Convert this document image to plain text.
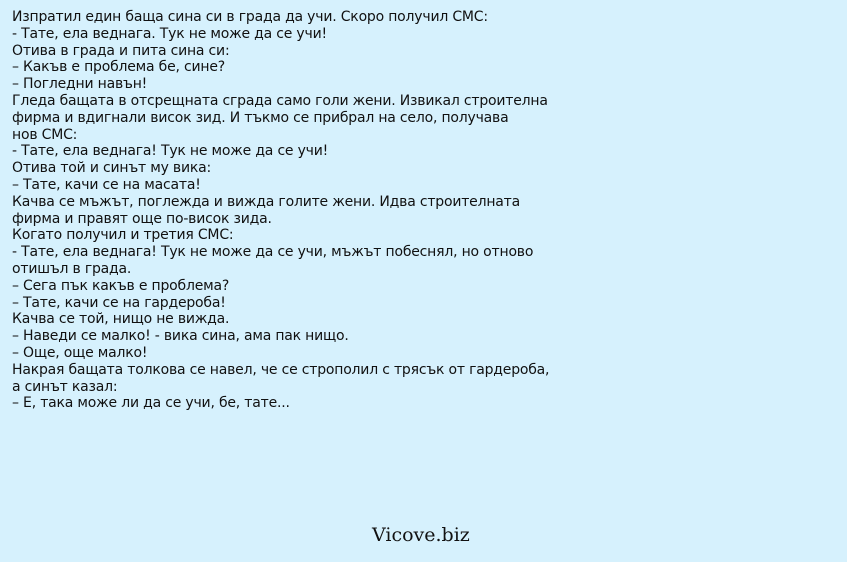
Изпратил един баща сина си в града да учи. Скоро получил СМС:
- Тате, ела веднага. Тук не може да се учи!
Отива в града и пита сина си:
– Какъв е проблема бе, сине?
– Погледни навън!
Гледа бащата в отсрещната сграда само голи жени. Извикал строителна
фирма и вдигнали висок зид. И тъкмо се прибрал на село, получава
нов СМС:
- Тате, ела веднага! Тук не може да се учи!
Отива той и синът му вика:
– Тате, качи се на масата!
Качва се мъжът, поглежда и вижда голите жени. Идва строителната
фирма и правят още по-висок зида.
Когато получил и третия СМС:
- Тате, ела веднага! Тук не може да се учи, мъжът побеснял, но отново
отишъл в града.
– Сега пък какъв е проблема?
– Тате, качи се на гардероба!
Качва се той, нищо не вижда.
– Наведи се малко! - вика сина, ама пак нищо.
– Още, още малко!
Накрая бащата толкова се навел, че се строполил с трясък от гардероба,
а синът казал:
– Е, така може ли да се учи, бе, тате...
Vicove.biz
